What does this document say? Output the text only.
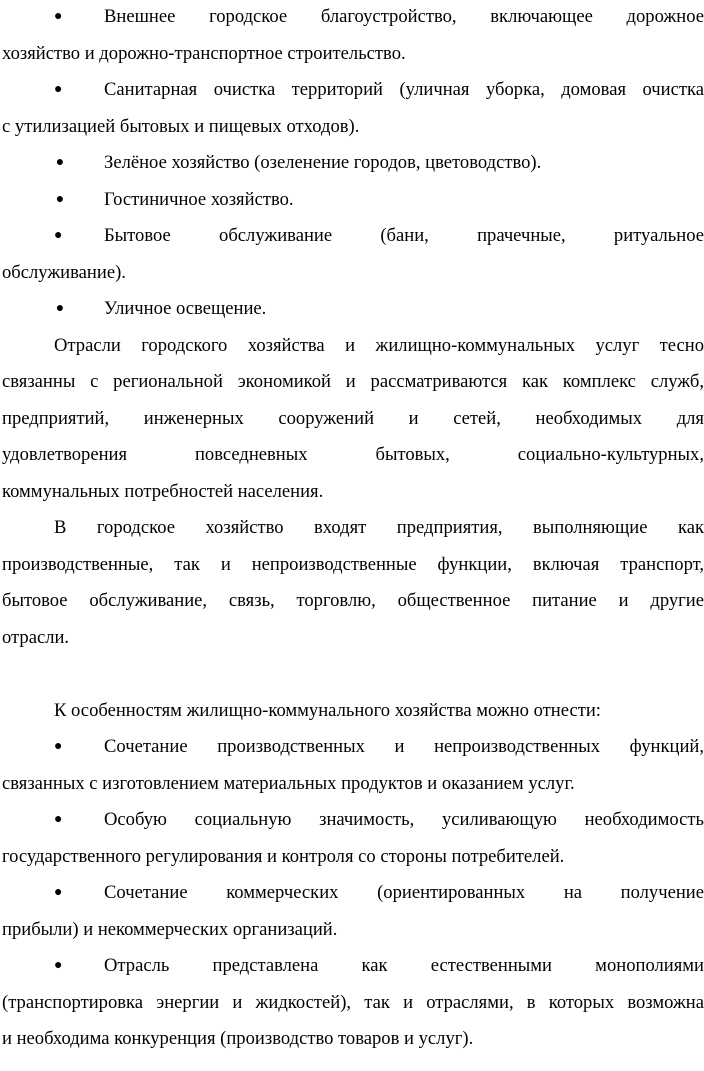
● Внешнее городское благоустройство, включающее дорожное
хозяйство и дорожно-транспортное строительство.
● Санитарная очистка территорий (уличная уборка, домовая очистка
с утилизацией бытовых и пищевых отходов).
● Зелёное хозяйство (озеленение городов, цветоводство).
● Гостиничное хозяйство.
● Бытовое обслуживание (бани, прачечные, ритуальное
обслуживание).
● Уличное освещение.
Отрасли городского хозяйства и жилищно-коммунальных услуг тесно
связанны с региональной экономикой и рассматриваются как комплекс служб,
предприятий, инженерных сооружений и сетей, необходимых для
удовлетворения повседневных бытовых, социально-культурных,
коммунальных потребностей населения.
В городское хозяйство входят предприятия, выполняющие как
производственные, так и непроизводственные функции, включая транспорт,
бытовое обслуживание, связь, торговлю, общественное питание и другие
отрасли.
К особенностям жилищно-коммунального хозяйства можно отнести:
● Сочетание производственных и непроизводственных функций,
связанных с изготовлением материальных продуктов и оказанием услуг.
● Особую социальную значимость, усиливающую необходимость
государственного регулирования и контроля со стороны потребителей.
● Сочетание коммерческих (ориентированных на получение
прибыли) и некоммерческих организаций.
● Отрасль представлена как естественными монополиями
(транспортировка энергии и жидкостей), так и отраслями, в которых возможна
и необходима конкуренция (производство товаров и услуг).
